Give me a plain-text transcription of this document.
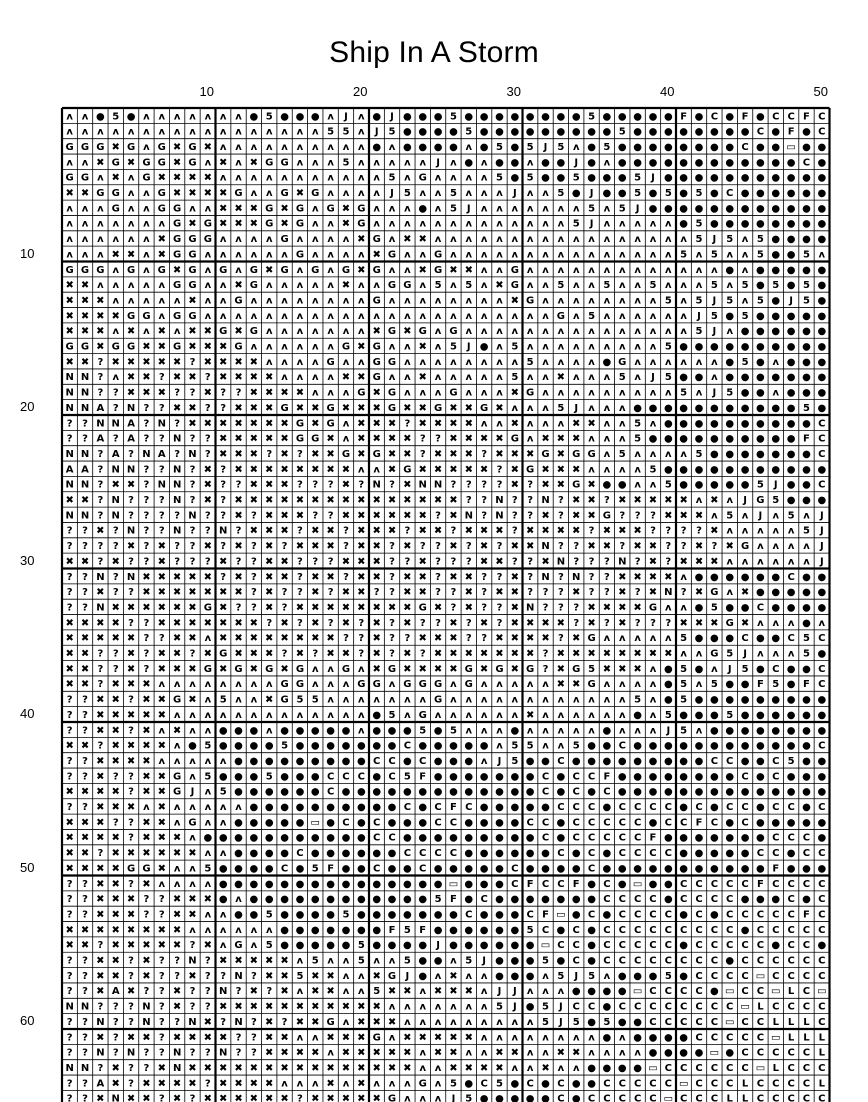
Ship In A Storm
10	20	30	40	50
10
20
30
40
50
60
ʌ ʌ ● 5 ● ʌ ʌ ʌ ʌ ʌ ʌ ʌ ● 5 ● ● ● ʌ J ʌ ● J ● ● ● 5 ● ● ● ● ● ● ● ● 5 ● ● ● ● ● F ● C ● F ● C C F C
ʌ ʌ ʌ ʌ ʌ ʌ ʌ ʌ ʌ ʌ ʌ ʌ ʌ ʌ ʌ ʌ ʌ 5 5 ʌ J 5 ● ● ● ● 5 ● ● ● ● ● ● ● ● ● 5 ● ● ● ● ● ● ● ● C ● F ● C
G G G ✖ G ʌ G ✖ G ✖ ʌ ʌ ʌ ʌ ʌ ʌ ʌ ʌ ʌ ʌ ● ʌ ● ● ● ● ʌ ● 5 ● 5 J 5 ʌ ● 5 ● ● ● ● ● ● ● ● C ● ● ▭ ● ●
ʌ ʌ ✖ G ✖ G G ✖ G ʌ ✖ ʌ ✖ G G ʌ ʌ ʌ 5 ʌ ʌ ʌ ʌ ʌ J ʌ ● ʌ ● ● ʌ ● ● J ● ʌ ● ● ● ● ● ● ● ● ● ● ● ● C ●
G G ʌ ✖ ʌ G ✖ ✖ ✖ ✖ ʌ ʌ ʌ ʌ ʌ ʌ ʌ ʌ ʌ ʌ ʌ 5 ʌ G ʌ ʌ ʌ ʌ 5 ● 5 ● ● 5 ● ● ● 5 J ● ● ● ● ● ● ● ● ● ● ●
✖ ✖ G G ʌ ʌ G ✖ ✖ ✖ ✖ G ʌ ʌ G ✖ G ʌ ʌ ʌ ʌ J 5 ʌ ʌ 5 ʌ ʌ ʌ J ʌ ʌ 5 ● J ● ● 5 ● 5 ● 5 ● C ● ● ● ● ● ●
ʌ ʌ ʌ G ʌ ʌ G G ʌ ʌ ✖ ✖ ✖ G ✖ G ʌ G ✖ G ʌ ʌ ʌ ● ʌ 5 J ʌ ʌ ʌ ʌ ʌ ʌ ʌ 5 ʌ 5 J ● ● ● ● ● ● ● ● ● ● ● ●
ʌ ʌ ʌ ʌ ʌ ʌ ʌ G ✖ G ✖ ✖ ✖ G ✖ G ʌ ʌ ✖ G ʌ ʌ ʌ ʌ ʌ ʌ ʌ ʌ ʌ ʌ ʌ ʌ ʌ 5 J ʌ ʌ ʌ ʌ ʌ ● 5 ● ● ● ● ● ● ● ●
ʌ ʌ ʌ ʌ ʌ ʌ ✖ G G G ʌ ʌ ʌ ʌ G ʌ ʌ ʌ ʌ ✖ G ʌ ✖ ✖ ʌ ʌ ʌ ʌ ʌ ʌ ʌ ʌ ʌ ʌ ʌ ʌ ʌ ʌ ʌ ʌ ʌ 5 J 5 ʌ 5 ● ● ● ●
ʌ ʌ ʌ ✖ ✖ ʌ ✖ G G ʌ ʌ ʌ ʌ ʌ ʌ G ʌ ʌ ʌ ʌ ✖ G ʌ ʌ G ʌ ʌ ʌ ʌ ʌ ʌ ʌ ʌ ʌ ʌ ʌ ʌ ʌ ʌ ʌ 5 ʌ 5 ʌ ʌ 5 ● ● 5 ʌ
G G G ʌ G ʌ G ✖ G ʌ G ʌ G ✖ G ʌ G ʌ G ✖ G ʌ ʌ ✖ G ✖ ✖ ʌ ʌ G ʌ ʌ ʌ ʌ ʌ ʌ ʌ ʌ ʌ ʌ ʌ ʌ ʌ ● ʌ ● ● ● ● ●
✖ ✖ ʌ ʌ ʌ ʌ ʌ G G ʌ ʌ ✖ G ʌ ʌ ʌ ʌ ʌ ✖ ʌ ʌ G G ʌ 5 ʌ 5 ʌ ✖ G ʌ ʌ 5 ʌ ʌ 5 ʌ ʌ 5 ʌ ʌ ʌ 5 ʌ 5 ● 5 ● 5 ●
✖ ✖ ✖ ʌ ʌ ʌ ʌ ʌ ✖ ʌ ʌ G ʌ ʌ ʌ ʌ ʌ ʌ ʌ ʌ G ʌ ʌ ʌ ʌ ʌ ʌ ʌ ʌ ✖ G ʌ ʌ ʌ ʌ ʌ ʌ ʌ ʌ 5 ʌ 5 J 5 ʌ 5 ● J 5 ●
✖ ✖ ✖ ✖ G G ʌ G G ʌ ʌ ʌ ʌ ʌ ʌ ʌ ʌ ʌ ʌ ʌ ʌ ʌ ʌ ʌ ʌ ʌ ʌ ʌ ʌ ʌ ʌ ʌ G ʌ 5 ʌ ʌ ʌ ʌ ʌ ʌ J 5 ● 5 ● ● ● ● ●
✖ ✖ ✖ ʌ ✖ ʌ ✖ ʌ ✖ ✖ G ✖ G ʌ ʌ ʌ ʌ ʌ ʌ ʌ ✖ G ✖ G ʌ G ʌ ʌ ʌ ʌ ʌ ʌ ʌ ʌ ʌ ʌ ʌ ʌ ʌ ʌ ʌ 5 J ʌ ● ● ● ● ● ●
G G ✖ G G ✖ ✖ G ✖ ✖ ✖ G ʌ ʌ ʌ ʌ ʌ ʌ G ✖ G ʌ ʌ ✖ ʌ 5 J ● ʌ 5 ʌ ʌ ʌ ʌ ʌ ʌ ʌ ʌ ʌ 5 ● ● ● ● ● ● ● ● ● ●
✖ ✖ ? ✖ ✖ ✖ ✖ ✖ ? ✖ ✖ ✖ ✖ ʌ ʌ ʌ ʌ G ʌ ʌ G G ʌ ʌ ʌ ʌ ʌ ʌ ʌ ʌ 5 ʌ ʌ ʌ ʌ ● G ʌ ʌ ʌ ʌ ʌ ʌ ● 5 ● ʌ ● ● ●
N N ? ʌ ✖ ✖ ? ✖ ✖ ? ✖ ✖ ✖ ✖ ʌ ʌ ʌ ʌ ✖ ✖ G ʌ ʌ ✖ ʌ ʌ ʌ ʌ ʌ 5 ʌ ʌ ✖ ʌ ʌ ʌ 5 ʌ J 5 ● ● ʌ ● ● ● ● ● ● ●
N N ? ? ✖ ✖ ✖ ? ? ✖ ? ? ✖ ✖ ✖ ✖ ʌ ʌ ʌ G ✖ G ʌ ʌ ʌ G ʌ ʌ ʌ ✖ G ʌ ʌ ʌ ʌ ʌ ʌ ʌ ʌ ʌ 5 ʌ J 5 ● ● ʌ ● ● ●
N N A ? N ? ? ✖ ✖ ? ? ✖ ✖ ✖ G ✖ ✖ G ✖ ✖ ✖ G ✖ ✖ G ✖ ✖ G ✖ ʌ ʌ ʌ 5 J ʌ ʌ ʌ ● ● ● ● ● ● ● ● ● ● ● 5 ●
? ? N N A ? N ? ✖ ✖ ✖ ✖ ✖ ✖ ✖ G ✖ G ʌ ✖ ✖ ✖ ? ✖ ✖ ✖ ✖ ʌ ʌ ✖ ʌ ʌ ʌ ✖ ✖ ʌ ʌ 5 ʌ ● ● ● ● ● ● ● ● ● ● C
? ? A ? A ? ? N ? ? ✖ ✖ ✖ ✖ ✖ G G ✖ ʌ ✖ ✖ ✖ ✖ ? ? ✖ ✖ ✖ ✖ G ʌ ✖ ✖ ✖ ʌ ʌ ʌ 5 ● ● ● ● ● ● ● ● ● ● F C
N N ? A ? N A ? N ? ✖ ✖ ✖ ? ✖ ? ✖ ✖ G ✖ G ✖ ✖ ? ✖ ✖ ✖ ? ✖ ✖ ✖ G ✖ G G ʌ 5 ʌ ʌ ʌ ʌ 5 ● ● ● ● ● ● ● C
A A ? N N ? ? N ? ✖ ? ✖ ✖ ✖ ✖ ✖ ✖ ✖ ✖ ʌ ʌ ✖ G ✖ ✖ ✖ ✖ ✖ ? ✖ G ✖ ✖ ✖ ʌ ʌ ʌ ʌ 5 ● ● ● ● ● ● ● ● ● ● ●
N N ? ✖ ✖ ? N N ? ✖ ? ? ✖ ✖ ✖ ? ? ? ✖ ? N ? ✖ N N ? ? ? ? ✖ ? ✖ ✖ G ✖ ● ● ʌ ʌ 5 ● ● ● ● ● 5 J ● ● C
✖ ✖ ? N ? ? ? N ? ✖ ? ✖ ✖ ✖ ✖ ✖ ✖ ✖ ✖ ✖ ✖ ✖ ✖ ✖ ✖ ✖ ? ? N ? ? N ? ✖ ✖ ? ✖ ✖ ✖ ✖ ✖ ʌ ✖ ʌ J G 5 ● ● ●
N N ? N ? ? ? ? N ? ? ✖ ? ✖ ✖ ✖ ? ? ✖ ✖ ✖ ✖ ✖ ✖ ? ✖ N ? N ? ? ✖ ? ✖ ✖ G ? ? ? ✖ ✖ ✖ ʌ 5 ʌ J ʌ 5 ʌ J
? ? ✖ ? N ? ? N ? ? N ? ✖ ✖ ✖ ? ✖ ✖ ? ✖ ✖ ✖ ? ✖ ✖ ? ✖ ✖ ✖ ? ✖ ✖ ✖ ✖ ? ✖ ✖ ✖ ? ? ? ? ✖ ʌ ʌ ʌ ʌ ʌ 5 J
? ? ? ? ✖ ? ✖ ? ? ✖ ? ✖ ? ✖ ? ✖ ✖ ✖ ? ✖ ✖ ? ✖ ? ? ✖ ? ✖ ? ✖ ✖ N ? ? ✖ ✖ ? ✖ ✖ ? ? ✖ ? ✖ G ʌ ʌ ʌ ʌ J
✖ ✖ ? ✖ ? ? ✖ ? ? ? ✖ ? ? ✖ ✖ ? ? ? ✖ ✖ ✖ ? ? ✖ ? ? ? ✖ ✖ ? ? ✖ N ? ? ? N ? ✖ ? ✖ ✖ ✖ ʌ ʌ ʌ ʌ ʌ ʌ J
? ? N ? N ✖ ✖ ✖ ✖ ✖ ? ✖ ? ✖ ✖ ? ✖ ✖ ? ✖ ✖ ? ✖ ✖ ? ✖ ✖ ? ? ✖ ? N ? N ? ? ✖ ✖ ✖ ✖ ʌ ● ● ● ● ● ● C ● ●
? ? ✖ ? ? ✖ ✖ ✖ ✖ ✖ ✖ ✖ ? ✖ ? ? ✖ ? ✖ ✖ ? ? ✖ ✖ ? ? ✖ ? ✖ ✖ ? ? ? ✖ ? ? ✖ ? ✖ N ? ✖ G ʌ ✖ ● ● ● ● ●
? ? N ✖ ✖ ✖ ✖ ✖ ✖ G ✖ ? ? ✖ ? ✖ ✖ ✖ ✖ ✖ ✖ ✖ ✖ G ✖ ? ✖ ? ? ✖ N ? ? ? ✖ ✖ ✖ ✖ G ʌ ʌ ● 5 ● ● C ● ● ● ●
✖ ✖ ✖ ✖ ? ? ✖ ✖ ✖ ✖ ✖ ✖ ✖ ? ✖ ? ✖ ? ✖ ? ✖ ? ✖ ? ? ✖ ? ✖ ? ✖ ✖ ✖ ✖ ? ✖ ? ✖ ? ? ? ✖ ✖ ✖ G ✖ ʌ ʌ ʌ ● ʌ
✖ ✖ ✖ ✖ ✖ ? ? ✖ ✖ ʌ ✖ ✖ ✖ ✖ ✖ ✖ ✖ ✖ ? ? ✖ ? ? ✖ ✖ ✖ ? ? ✖ ✖ ✖ ✖ ? ✖ G ʌ ʌ ʌ ʌ ʌ 5 ● ● ● C ● ● C 5 C
✖ ✖ ? ? ✖ ? ✖ ✖ ? ✖ G ✖ ✖ ✖ ? ✖ ? ✖ ✖ ? ✖ ? ✖ ? ✖ ✖ ✖ ✖ ✖ ✖ ✖ ? ✖ ✖ ✖ ✖ ✖ ✖ ✖ ✖ ʌ ʌ G 5 J ʌ ʌ ʌ 5 ●
✖ ✖ ? ? ✖ ? ✖ ✖ ✖ G ✖ G ✖ G ✖ G ʌ ʌ G ʌ ✖ G ✖ ✖ ✖ ✖ G ✖ G ✖ G ? ✖ G 5 ✖ ✖ ✖ ʌ ● 5 ● ʌ J 5 ● C ● ● C
✖ ✖ ? ✖ ✖ ✖ ʌ ʌ ʌ ʌ ʌ ʌ ʌ ʌ G G ʌ ʌ ʌ G G ʌ G G G ʌ G ʌ ʌ ʌ ʌ ʌ ✖ ✖ G ʌ ʌ ʌ ʌ ● 5 ʌ 5 ● ● F 5 ● F C
? ? ✖ ✖ ? ✖ ✖ G ✖ ʌ 5 ʌ ʌ ✖ G 5 5 ʌ ʌ ʌ ʌ ʌ ʌ ʌ G ʌ ʌ ʌ ʌ ʌ ʌ ʌ ʌ ʌ ʌ ʌ ʌ 5 ʌ ● 5 ● ● ● ● ● ● ● ● ●
? ? ✖ ✖ ✖ ✖ ✖ ʌ ʌ ʌ ʌ ʌ ʌ ʌ ʌ ʌ ʌ ʌ ʌ ʌ ● 5 ʌ G ʌ ʌ ʌ ʌ ʌ ʌ ✖ ʌ ʌ ʌ ʌ ʌ ʌ ● ʌ 5 ● ● ● 5 ● ● ● ● ● ●
? ? ✖ ✖ ? ✖ ʌ ✖ ʌ ʌ ● ● ● ʌ ● ● ● ● ● ʌ ● ● ● 5 ● 5 ʌ ʌ ʌ ● ʌ ʌ ʌ ʌ ʌ ● ʌ ʌ ʌ J 5 ʌ ● ● ● ● ● ● ● ●
✖ ✖ ? ✖ ✖ ✖ ✖ ʌ ● 5 ● ● ● ● 5 ● ● ● ● ● ● ● C ● ● ● ● ● ʌ 5 5 ʌ ʌ 5 ● ● C ● ● ● ● ● ● ● ● ● ● ● ● C
? ? ✖ ✖ ✖ ✖ ʌ ʌ ʌ ʌ ʌ ● ● ● ● ● ● ● ● ● C C ● C ● ● ● ʌ J 5 ● ● C ● ● ● ● ● ● ● ● ● C C ● ● C 5 ● ●
? ? ✖ ? ? ✖ ✖ G ʌ 5 ● ● ● 5 ● ● ● C C C ● C 5 F ● ● ● ● ● ● ● C ● C C F ● ● ● ● ● ● ● ● C ● C ● ● ●
✖ ✖ ✖ ✖ ? ✖ ✖ G J ʌ 5 ● ● ● ● ● ● C ● ● ● ● ● ● ● ● ● ● ● ● ● C ● C ● C ● ● ● ● ● ● ● ● ● ● ● ● ● ●
? ? ✖ ✖ ✖ ʌ ✖ ʌ ʌ ʌ ʌ ʌ ● ● ● ● ● ● ● ● ● ● C ● C F C ● ● ● ● ● C C C ● C C C C ● C ● C C ● C C ● C
✖ ✖ ✖ ? ? ✖ ✖ ʌ G ʌ ʌ ● ● ● ● ● ▭ ● C ● C ● ● ● C C ● ● ● ● C C ● C C C C C ● C C F C ● C ● ● ● ● ●
✖ ✖ ✖ ✖ ? ✖ ✖ ✖ ʌ ● ● ● ● ● ● ● ● ● ● ● C C ● ● ● ● ● ● ● ● ● C ● C C C C C F ● ● ● ● ● ● ● C C C ●
✖ ✖ ? ✖ ✖ ✖ ✖ ✖ ✖ ʌ ʌ ● ● ● ● C ● ● ● ● ● ● C C C C ● ● ● ● ● ● C ● C ● C C C C ● ● ● ● ● C C ● C C
✖ ✖ ✖ ✖ G G ✖ ʌ ʌ 5 ● ● ● ● C ● 5 F ● ● C ● ● C ● ● ● ● ● C ● ● ● ● C ● ● ● ● ● ● ● ● ● ● ● F ● ● ●
? ? ✖ ✖ ? ✖ ʌ ʌ ʌ ʌ ● ● ● ● ● ● ● ● ● ● ● ● ● ● ● ▭ ● ● ● C F C C F ● C ● ▭ ● ● C C C C C F C C C C
? ? ✖ ✖ ✖ ? ? ✖ ✖ ✖ ● ʌ ● ● ● ● ● ● ● ● ● ● ● ● 5 F ● C ● ● ● ● ● ● ● C C C C ● C C C C ● ● ● C ● C
? ? ✖ ✖ ✖ ? ? ✖ ✖ ʌ ʌ ● ● 5 ● ● ● ● 5 ● ● ● ● ● ● ● C ● ● ● C F ▭ ● C ● C C C C ● C ● C C C C C F C
✖ ✖ ✖ ✖ ✖ ✖ ✖ ✖ ʌ ʌ ʌ ʌ ʌ ʌ ● ● ● ● ● ● ● F 5 F ● ● ● ● ● ● 5 C ● C ● C C C C C C C C C ● C C C C C
✖ ✖ ? ✖ ✖ ✖ ✖ ✖ ? ✖ ʌ G ʌ 5 ● ● ● ● ● 5 ● ● ● ● J ● ● ● ● ● ● ▭ C C ● C C C C C ● C C C C C ● C C ●
? ? ✖ ✖ ? ✖ ? ? N ? ✖ ✖ ✖ ✖ ✖ ʌ 5 ʌ ʌ 5 ʌ ʌ 5 ● ● ʌ 5 J ● ● ● 5 ● C ● C C C C C C C C ● C C C C C C
? ? ✖ ✖ ? ✖ ? ? ✖ ? ? N ? ✖ ✖ 5 ✖ ✖ ʌ ʌ ✖ G J ● ʌ ✖ ʌ ʌ ● ● ● ʌ 5 J 5 ʌ ● ● ● 5 ● C C C C ▭ C C C C
? ? ✖ A ✖ ? ? ✖ ? ? N ? ✖ ? ✖ ʌ ✖ ✖ ʌ ʌ 5 ✖ ✖ ʌ ✖ ✖ ✖ ʌ J J ʌ ʌ ʌ ● ● ● ● ▭ C C C C ● ▭ C C ▭ L C ▭
N N ? ? ? N ? ✖ ? ? ✖ ✖ ✖ ✖ ✖ ✖ ✖ ✖ ✖ ✖ ✖ ʌ ʌ ʌ ʌ ʌ ʌ ʌ 5 J ● 5 J C C ● C C C C C C C C ▭ L C C C C
? ? N ? ? N ? ? N ✖ ? N ? ✖ ? ✖ ✖ G ʌ ✖ ✖ ✖ ʌ ʌ ʌ ʌ ʌ ʌ ʌ ʌ ʌ 5 J 5 ● 5 ● ● C C C C C ▭ C C L L L C
? ? ✖ ? ✖ ✖ ? ✖ ✖ ✖ ✖ ? ? ✖ ✖ ʌ ʌ ✖ ✖ ✖ G ʌ ✖ ✖ ✖ ✖ ✖ ʌ ʌ ʌ ʌ ʌ ʌ ʌ ʌ ● ʌ ● ● ● ● C C C C C ▭ L L L
? ? N ? N ? ? N ? ? N ? ? ✖ ✖ ✖ ✖ ʌ ✖ ✖ ✖ ✖ ✖ ʌ ✖ ✖ ʌ ʌ ✖ ✖ ʌ ʌ ✖ ✖ ʌ ʌ ʌ ʌ ● ● ● ● ▭ ● C C C C C L
N N ? ✖ ? ? ✖ N ✖ ✖ ✖ ✖ ✖ ✖ ✖ ✖ ✖ ✖ ✖ ✖ ✖ ✖ ✖ ʌ ʌ ✖ ✖ ✖ ✖ ʌ ʌ ✖ ʌ ʌ ● ● ● ● ▭ C C C C C C ▭ L C C C
? ? A ✖ ? ✖ ✖ ✖ ✖ ? ✖ ✖ ✖ ✖ ʌ ʌ ʌ ✖ ʌ ✖ ʌ ʌ ʌ G ʌ 5 ● C 5 ● C ● C ● ● C C C C C ▭ C C C L C C C C L
? ? ✖ N ✖ ✖ ? ✖ ? ✖ ✖ ✖ ✖ ✖ ✖ ? ✖ ✖ ✖ ✖ ✖ G ʌ ʌ ʌ J 5 ● ● ● ● ● C ● C C C C C ▭ C C C L L C C C C C
